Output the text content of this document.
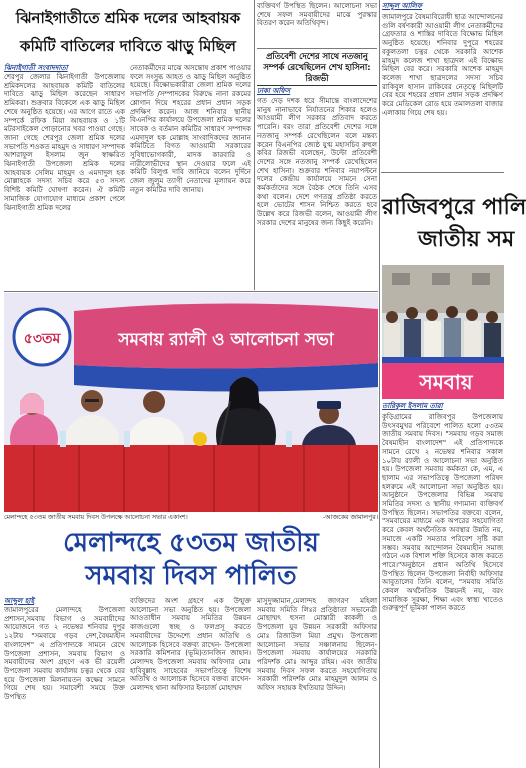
ঝিনাইগাতীতে শ্রমিক দলের আহবায়ক
কমিটি বাতিলের দাবিতে ঝাড়ু মিছিল
ঝিনাইগাতী সংবাদদাতা
শেরপুর জেলার ঝিনাইগাতী উপজেলায় শ্রমিকদলের আহবায়ক কমিটি বাতিলের দাবিতে ঝাড়ু মিছিল করেছেন সাধারণ শ্রমিকরা। শুক্রবার বিকেলে এক ঝাড়ু মিছিল শেষে অনুষ্ঠিত হয়েছে। এর আগে রাতে এক সম্পর্কে রফিক মিয়া আহবায়ক ও ১টি মটরসাইকেল পোড়ানোর খবর পাওয়া গেছে। জানা গেছে শেরপুর জেলা শ্রমিক দলের সভাপতি শওকত মাহমুদ ও সাধারণ সম্পাদক আশরাফুল ইসলাম জুন স্বাক্ষরিত ঝিনাইগাতী উপজেলা শ্রমিক দলের আহবায়ক সেলিম মাহমুদ ও এমদাদুল হক মোল্লাহকে সদস্য সচিব করে ৫৩ সদস্য বিশিষ্ট কমিটি ঘোষণা করেন। ঐ কমিটি সামাজিক যোগাযোগ মাধ্যমে প্রকাশ পেলে ঝিনাইগাতী শ্রমিক দলের
নেতাকর্মীদের মাঝে অসন্তোষ প্রকাশ পাওয়ার ফলে সংসুব্ধ আহত ও ঝাড়ু মিছিল অনুষ্ঠিত হয়েছে। বিক্ষোভকারীরা জেলা শ্রমিক দলের সভাপতি /সম্পাদকের বিরুদ্ধে নানা রকমের শ্লোগান দিয়ে শহরের প্রধান প্রধান সড়ক প্রদক্ষিণ করেন। আজ শনিবার স্থানীয় বিএনপির কার্যালয়ে উপজেলা শ্রমিক দলের সাবেক ও বর্তমান কমিটির সাধারণ সম্পাদক এমদাদুল হক মোল্লাহ সাংবাদিকদের জানান কমিটিতে বিগত আওয়ামী সরকারের সুবিধাভোগকারী, মাদক কারবারি ও নারীলোভীদের স্থান দেওয়ার ফলে এই কমিটি বিলুপ্ত দাবি জানিয়ে বলেন দুর্দিনে জেল জুলুম ত্যাগী নেতাদের মূল্যায়ন করে নতুন কমিটির দাবি জানায়।
ব্যক্তিবর্গ উপস্থিত ছিলেন। আলোচনা সভা শেষে সফল সমবায়ীদের মাঝে পুরস্কার বিতরণ করেন অতিথিবৃন্দ।
প্রতিবেশী দেশের সাথে নতজানু সম্পর্ক রেখেছিলেন শেখ হাসিনা: রিজভী
ঢাকা অফিস
গত দেড় দশক ধরে সীমান্তে বাংলাদেশের মানুষ নানাভাবে নির্যাতনের শিকার হলেও আওয়ামী লীগ সরকার প্রতিবাদ করতে পারেনি। বরং তারা প্রতিবেশী দেশের সঙ্গে নতজানু সম্পর্ক রেখেছিলেন বলে মন্তব্য করেন বিএনপির জ্যেষ্ঠ যুগ্ম মহাসচিব রুহুল কবির রিজভী বলেছেন, উল্টো প্রতিবেশী দেশের সঙ্গে নতজানু সম্পর্ক রেখেছিলেন শেখ হাসিনা। শুক্রবার শনিবার নয়াপল্টনে দলের কেন্দ্রীয় কার্যালয়ে সামনে সেনা কর্মকর্তাদের সঙ্গে বৈঠক শেষে তিনি এসব কথা বলেন। দেশে গণতন্ত্র প্রতিষ্ঠা করতে হলে ভোটের শাসন নিশ্চিত করতে হবে উল্লেখ করে রিজভী বলেন, আওয়ামী লীগ সরকার দেশের মানুষের জন্য কিছুই করেনি।
সাদ্দুল আলিফ
জামালপুরে বৈষম্যবিরোধী ছাত্র আন্দোলনের গুলি বর্ষণকারী আওয়ামী লীগ নেতাকর্মীদের গ্রেফতার ও শাস্তির দাবিতে বিক্ষোভ মিছিল অনুষ্ঠিত হয়েছে। শনিবার দুপুরে শহরের বকুলতলা চত্বর থেকে সরকারি আশেক মাহমুদ কলেজ শাখা ছাত্রদল এই বিক্ষোভ মিছিল বের করে। সরকারি আশেক মাহমুদ কলেজ শাখা ছাত্রদলের সদস্য সচিব রাকিবুল হাসান রাকিবের নেতৃত্বে মিছিলটি বের হয়ে শহরের প্রধান প্রধান সড়ক প্রদক্ষিণ করে মেডিকেল রোড হয়ে তমালতলা বাজার এলাকায় গিয়ে শেষ হয়।
রাজিবপুরে পালি
জাতীয় সম
সমবায়
তারিকুল ইসলাম তারা
কুড়িগ্রামের রাজিবপুর উপজেলায় উৎসবমুখর পরিবেশে পালিত হলো ৫৩তম জাতীয় সমবায় দিবস। "সমবায় গড়ব সমাজ বৈষম্যহীন বাংলাদেশ" এই প্রতিপাদ্যকে সামনে রেখে ২ নভেম্বর শনিবার সকাল ১০টায় র‌্যালী ও আলোচনা সভা অনুষ্ঠিত হয়। উপজেলা সমবায় কর্মকতা কে, এম, এ ছালাম এর সভাপতিত্বে উপজেলা পরিষদ হলরুমে এই আলোচনা সভা অনুষ্ঠিত হয়। আনুষ্ঠানে উপজেলার বিভিন্ন সমবায় সমিতির সদস্য ও স্থানীয় গণ্যমান্য ব্যক্তিবর্গ উপস্থিত ছিলেন। সভাপতির বক্তব্যে বলেন, "সমবায়ের মাধ্যমে এক অপরের সহযোগিতা করে কেবল অর্থনৈতিক অবস্থার উন্নতি নয়, সমাজে একটি সমতার পরিবেশ সৃষ্টি করা সম্ভব। সমবায় আন্দোলন বৈষম্যহীন সমাজ গঠনে এক বিশাল শক্তি হিসেবে কাজ করতে পারে।"অনুষ্ঠানে প্রধান অতিথি হিসেবে উপস্থিত ছিলেন উপজেলা নির্বাহী অফিসার আবুতালেব তিনি বলেন, "সমবায় সমিতি কেবল অর্থনৈতিক উন্নয়নই নয়, বরং সামাজিক সুরক্ষা, শিক্ষা এবং স্বাস্থ্য খাতেও গুরুত্বপূর্ণ ভূমিকা পালন করতে
৫৩তম	সমবায় র‌্যালী ও আলোচনা সভা
মেলান্দহে ৫৩তম জাতীয় সমবায় দিবস উপলক্ষে আলোচনা সভার একাংশ।	-আজকের জামালপুর।
মেলান্দহে ৫৩তম জাতীয়
সমবায় দিবস পালিত
আব্দুল হাই
জামালপুরের মেলান্দহে উপজেলা প্রশাসন,সমবায় বিভাগ ও সমবায়ীদের আয়োজনে গত ২ নভেম্বর শনিবার দুপুর ১২টায় "সমবায়ে গড়ব দেশ,বৈষম্যহীন বাংলাদেশ" এ প্রতিপাদ্যকে সামনে রেখে উপজেলা প্রশাসন, সমবায় বিভাগ ও সমবায়ীদের অংশ গ্রহণে এক ভী রয়েলী উপজেলা সমবায় কার্যালয় চত্বর থেকে বের হয়ে উপজেলা মিলনায়তন কক্ষের সামনে গিয়ে শেষ হয়। সমাবেশী সময়ে উক্ত উপস্থিত
ব্যক্তিদের অংশ গ্রহণে এক উন্মুক্ত আলোচনা সভা অনুষ্ঠিত হয়। উপজেলা আওতাধীন সমবায় সমিতির উন্নয়ন কাজগুলো স্বচ্ছ ও ফলপ্রসূ করতে সমবায়ীদের উদ্দেশ্যে প্রধান অতিথি ও আলোচক হিসেবে বক্তব্য রাখেন- উপজেলা সরকারি কমিশনার (ভূমি)তানজিন জাহান। মেলান্দহ উপজেলা সমবায় অফিসার মোঃ হাবিবুল্লাহ সাহেবের সভাপতিত্বে বিশেষ অতিথি ও আলোচক হিসেবে বক্তব্য রাখেন-মেলান্দহ থানা অফিসার ইনচার্জ মোহাম্মদ
মাসুদুজ্জামান,মেলান্দহ জাগরণ মহিলা সমবায় সমিতি লিঃর প্রতিষ্ঠাতা সভানেত্রী মোছাম্মৎ হুসনা মোস্তারী কাকলী ও উপজেলা যুব উন্নয়ন সরকারী অফিসার মোঃ রিজাউল মিয়া প্রমুখ। উপজেলা আলোচনা সভার সঞ্চালনায় ছিলেন-উপজেলা সমবায় কার্যালয়ের সরকারি পরিদর্শক মোঃ আব্দুর রহিম। এবং জাতীয় সমবায় দিবস সফল করতে সহযোগিতায় সরকারী পরিদর্শক মোঃ মাহমুদুল আলম ও অফিস সহায়ক ইখতিয়ার উদ্দিন।
